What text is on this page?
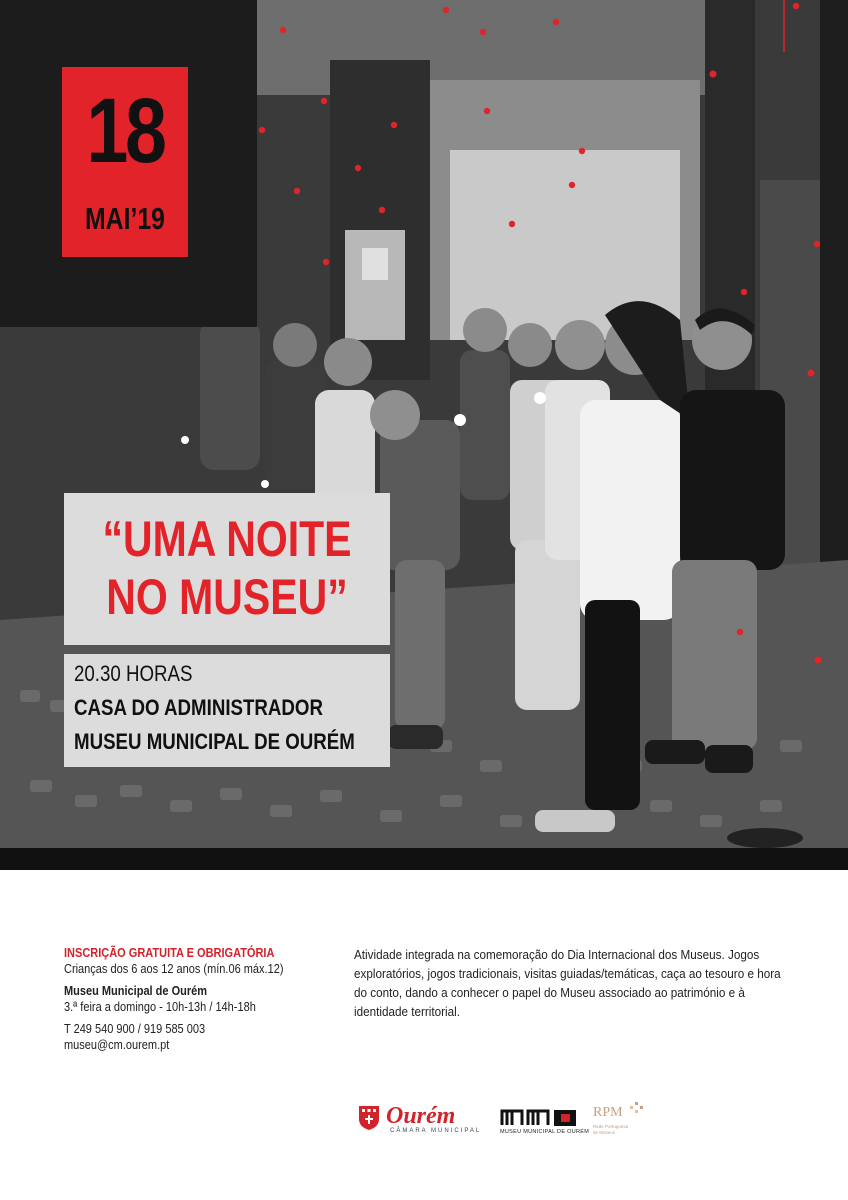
18
MAI’19
“UMA NOITE
NO MUSEU”
20.30 HORAS
CASA DO ADMINISTRADOR
MUSEU MUNICIPAL DE OURÉM
INSCRIÇÃO GRATUITA E OBRIGATÓRIA
Crianças dos 6 aos 12 anos (mín.06 máx.12)
Museu Municipal de Ourém
3.ª feira a domingo - 10h-13h / 14h-18h
T 249 540 900 / 919 585 003
museu@cm.ourem.pt

Atividade integrada na comemoração do Dia Internacional dos Museus. Jogos exploratórios, jogos tradicionais, visitas guiadas/temáticas, caça ao tesouro e hora do conto, dando a conhecer o papel do Museu associado ao património e à identidade territorial.

Ourém
CÂMARA MUNICIPAL	MUSEU MUNICIPAL DE OURÉM
RPM
Rede Portuguesa de Museus
